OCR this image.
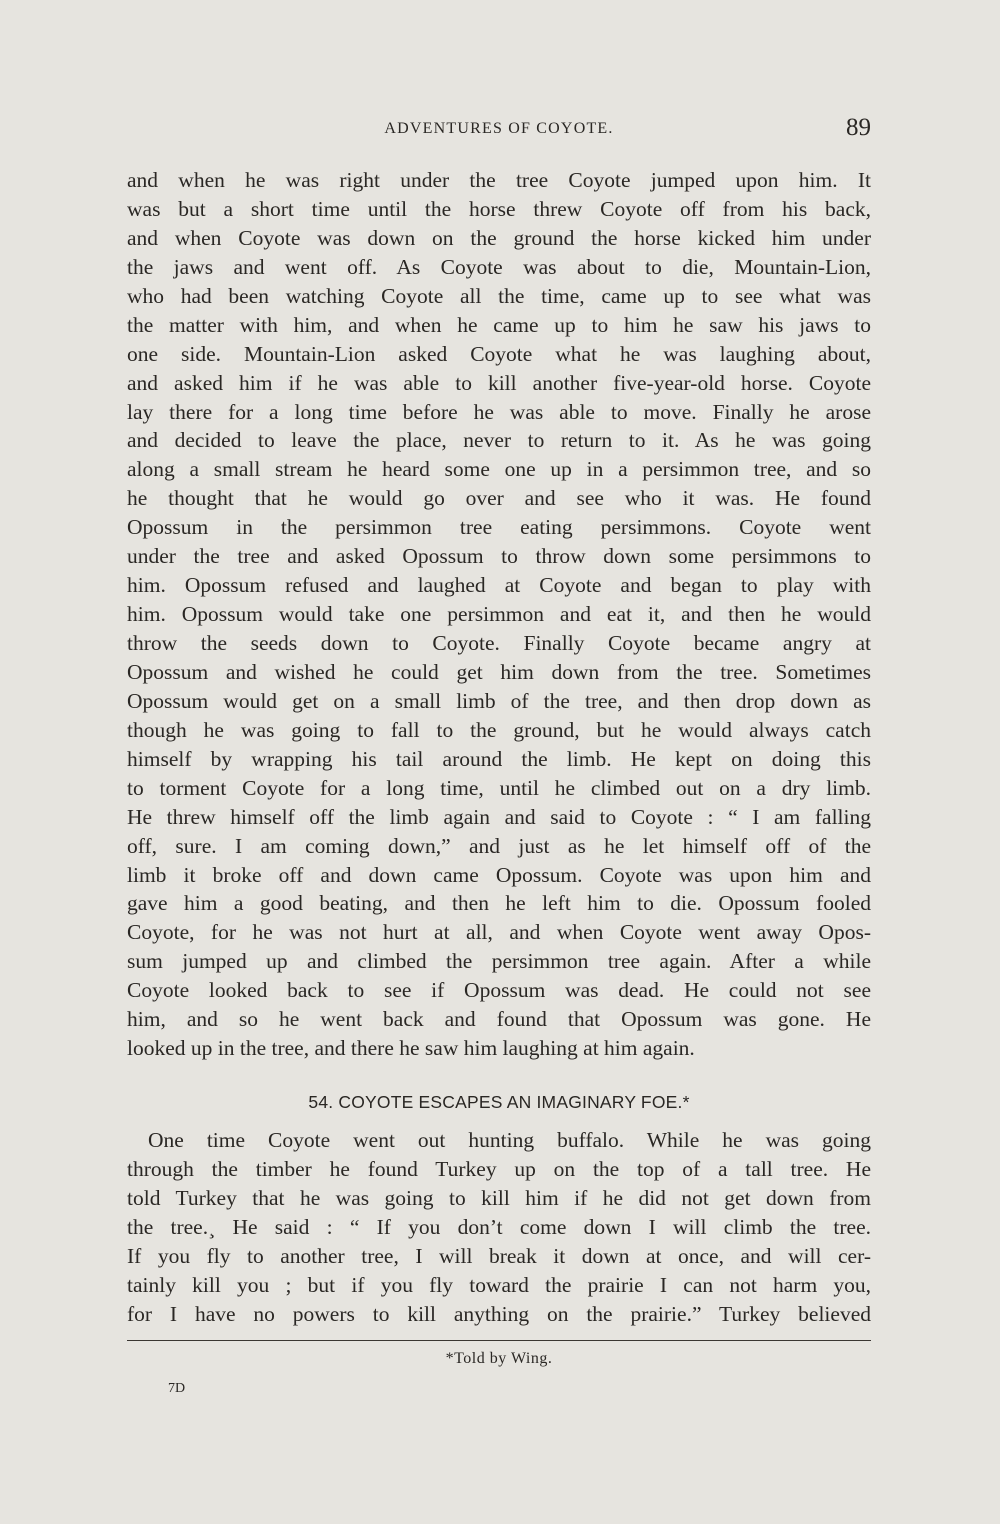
ADVENTURES OF COYOTE.	89
and when he was right under the tree Coyote jumped upon him. It
was but a short time until the horse threw Coyote off from his back,
and when Coyote was down on the ground the horse kicked him under
the jaws and went off. As Coyote was about to die, Mountain-Lion,
who had been watching Coyote all the time, came up to see what was
the matter with him, and when he came up to him he saw his jaws to
one side. Mountain-Lion asked Coyote what he was laughing about,
and asked him if he was able to kill another five-year-old horse. Coyote
lay there for a long time before he was able to move. Finally he arose
and decided to leave the place, never to return to it. As he was going
along a small stream he heard some one up in a persimmon tree, and so
he thought that he would go over and see who it was. He found
Opossum in the persimmon tree eating persimmons. Coyote went
under the tree and asked Opossum to throw down some persimmons to
him. Opossum refused and laughed at Coyote and began to play with
him. Opossum would take one persimmon and eat it, and then he would
throw the seeds down to Coyote. Finally Coyote became angry at
Opossum and wished he could get him down from the tree. Sometimes
Opossum would get on a small limb of the tree, and then drop down as
though he was going to fall to the ground, but he would always catch
himself by wrapping his tail around the limb. He kept on doing this
to torment Coyote for a long time, until he climbed out on a dry limb.
He threw himself off the limb again and said to Coyote : “ I am falling
off, sure. I am coming down,” and just as he let himself off of the
limb it broke off and down came Opossum. Coyote was upon him and
gave him a good beating, and then he left him to die. Opossum fooled
Coyote, for he was not hurt at all, and when Coyote went away Opos-
sum jumped up and climbed the persimmon tree again. After a while
Coyote looked back to see if Opossum was dead. He could not see
him, and so he went back and found that Opossum was gone. He
looked up in the tree, and there he saw him laughing at him again.
54. COYOTE ESCAPES AN IMAGINARY FOE.*
One time Coyote went out hunting buffalo. While he was going
through the timber he found Turkey up on the top of a tall tree. He
told Turkey that he was going to kill him if he did not get down from
the tree.¸ He said : “ If you don’t come down I will climb the tree.
If you fly to another tree, I will break it down at once, and will cer-
tainly kill you ; but if you fly toward the prairie I can not harm you,
for I have no powers to kill anything on the prairie.” Turkey believed
*Told by Wing.
7D
